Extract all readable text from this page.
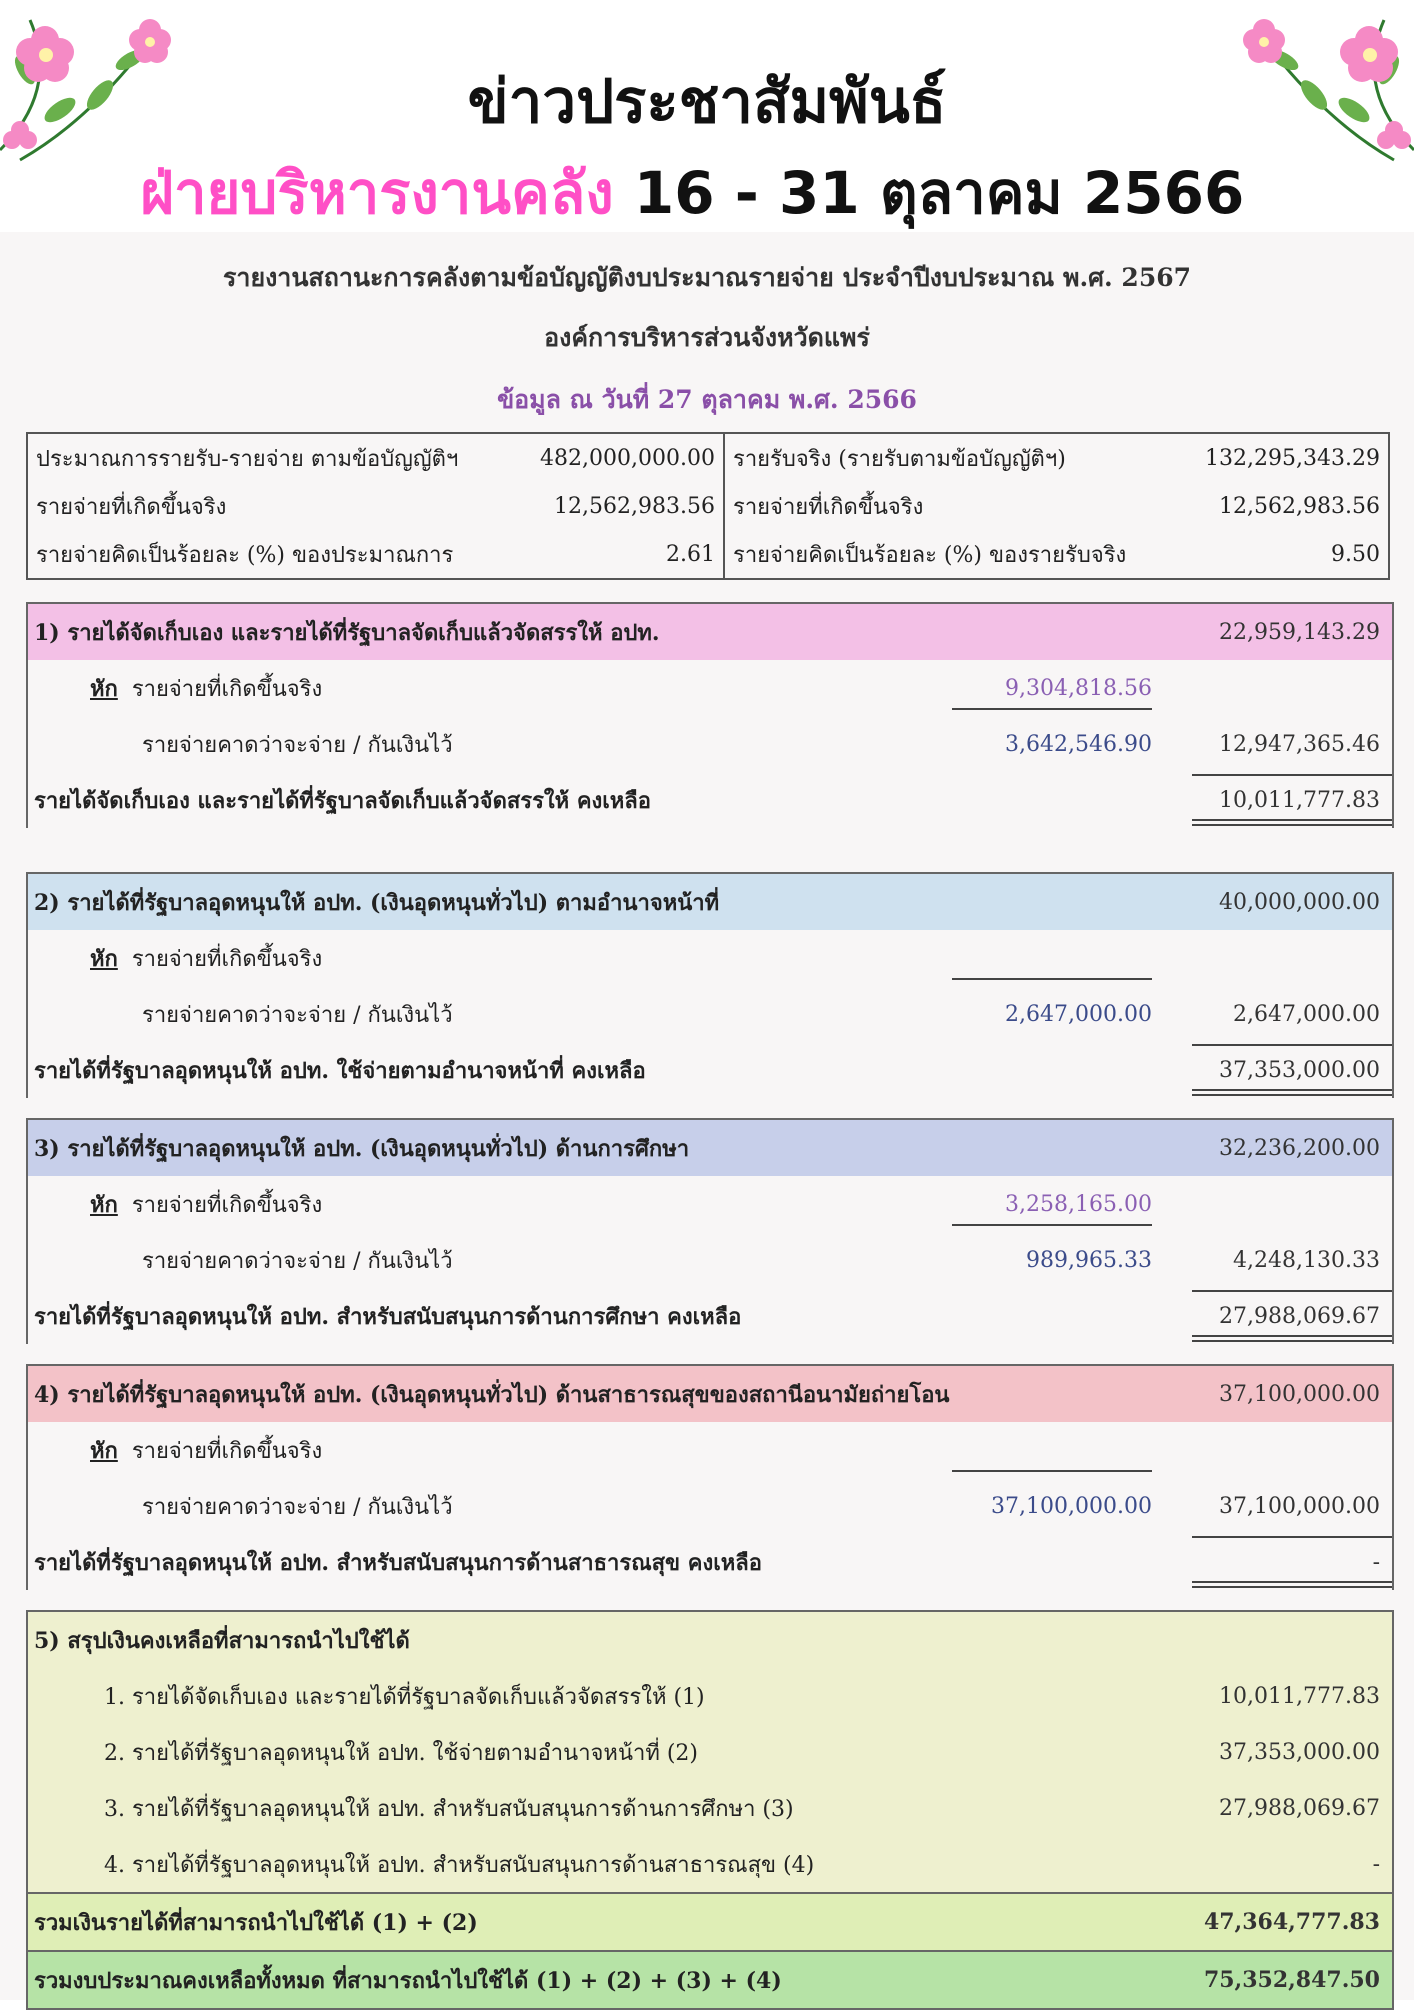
ข่าวประชาสัมพันธ์
ฝ่ายบริหารงานคลัง 16 - 31 ตุลาคม 2566
รายงานสถานะการคลังตามข้อบัญญัติงบประมาณรายจ่าย ประจำปีงบประมาณ พ.ศ. 2567
องค์การบริหารส่วนจังหวัดแพร่
ข้อมูล ณ วันที่ 27 ตุลาคม พ.ศ. 2566
ประมาณการรายรับ-รายจ่าย ตามข้อบัญญัติฯ	482,000,000.00	รายรับจริง (รายรับตามข้อบัญญัติฯ)	132,295,343.29
รายจ่ายที่เกิดขึ้นจริง	12,562,983.56	รายจ่ายที่เกิดขึ้นจริง	12,562,983.56
รายจ่ายคิดเป็นร้อยละ (%) ของประมาณการ	2.61	รายจ่ายคิดเป็นร้อยละ (%) ของรายรับจริง	9.50
1) รายได้จัดเก็บเอง และรายได้ที่รัฐบาลจัดเก็บแล้วจัดสรรให้ อปท.	22,959,143.29
หัก รายจ่ายที่เกิดขึ้นจริง	9,304,818.56
รายจ่ายคาดว่าจะจ่าย / กันเงินไว้	3,642,546.90	12,947,365.46
รายได้จัดเก็บเอง และรายได้ที่รัฐบาลจัดเก็บแล้วจัดสรรให้ คงเหลือ	10,011,777.83
2) รายได้ที่รัฐบาลอุดหนุนให้ อปท. (เงินอุดหนุนทั่วไป) ตามอำนาจหน้าที่	40,000,000.00
หัก รายจ่ายที่เกิดขึ้นจริง
รายจ่ายคาดว่าจะจ่าย / กันเงินไว้	2,647,000.00	2,647,000.00
รายได้ที่รัฐบาลอุดหนุนให้ อปท. ใช้จ่ายตามอำนาจหน้าที่ คงเหลือ	37,353,000.00
3) รายได้ที่รัฐบาลอุดหนุนให้ อปท. (เงินอุดหนุนทั่วไป) ด้านการศึกษา	32,236,200.00
หัก รายจ่ายที่เกิดขึ้นจริง	3,258,165.00
รายจ่ายคาดว่าจะจ่าย / กันเงินไว้	989,965.33	4,248,130.33
รายได้ที่รัฐบาลอุดหนุนให้ อปท. สำหรับสนับสนุนการด้านการศึกษา คงเหลือ	27,988,069.67
4) รายได้ที่รัฐบาลอุดหนุนให้ อปท. (เงินอุดหนุนทั่วไป) ด้านสาธารณสุขของสถานีอนามัยถ่ายโอน	37,100,000.00
หัก รายจ่ายที่เกิดขึ้นจริง
รายจ่ายคาดว่าจะจ่าย / กันเงินไว้	37,100,000.00	37,100,000.00
รายได้ที่รัฐบาลอุดหนุนให้ อปท. สำหรับสนับสนุนการด้านสาธารณสุข คงเหลือ	-
5) สรุปเงินคงเหลือที่สามารถนำไปใช้ได้
1. รายได้จัดเก็บเอง และรายได้ที่รัฐบาลจัดเก็บแล้วจัดสรรให้ (1)	10,011,777.83
2. รายได้ที่รัฐบาลอุดหนุนให้ อปท. ใช้จ่ายตามอำนาจหน้าที่ (2)	37,353,000.00
3. รายได้ที่รัฐบาลอุดหนุนให้ อปท. สำหรับสนับสนุนการด้านการศึกษา (3)	27,988,069.67
4. รายได้ที่รัฐบาลอุดหนุนให้ อปท. สำหรับสนับสนุนการด้านสาธารณสุข (4)	-
รวมเงินรายได้ที่สามารถนำไปใช้ได้ (1) + (2)	47,364,777.83
รวมงบประมาณคงเหลือทั้งหมด ที่สามารถนำไปใช้ได้ (1) + (2) + (3) + (4)	75,352,847.50
